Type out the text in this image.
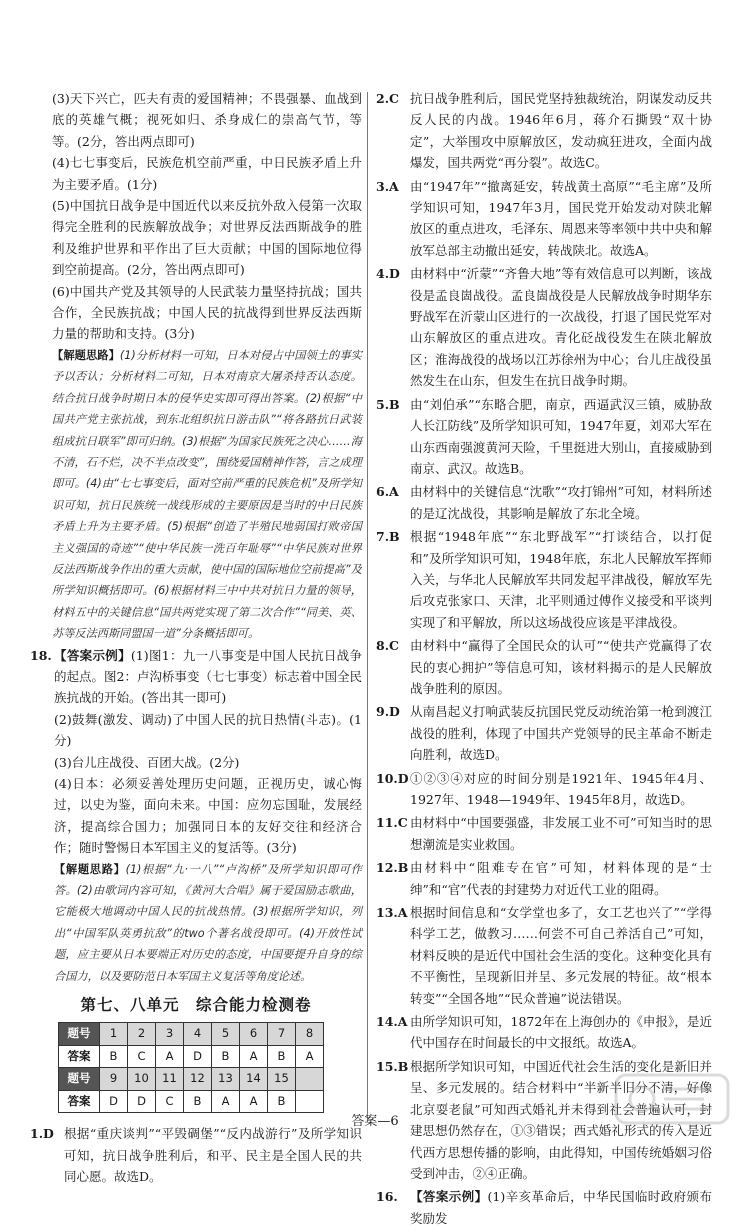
(3)天下兴亡，匹夫有责的爱国精神；不畏强暴、血战到底的英雄气概；视死如归、杀身成仁的崇高气节，等等。(2分，答出两点即可)

(4)七七事变后，民族危机空前严重，中日民族矛盾上升为主要矛盾。(1分)

(5)中国抗日战争是中国近代以来反抗外敌入侵第一次取得完全胜利的民族解放战争；对世界反法西斯战争的胜利及维护世界和平作出了巨大贡献；中国的国际地位得到空前提高。(2分，答出两点即可)

(6)中国共产党及其领导的人民武装力量坚持抗战；国共合作，全民族抗战；中国人民的抗战得到世界反法西斯力量的帮助和支持。(3分)

【解题思路】(1)分析材料一可知，日本对侵占中国领土的事实予以否认；分析材料二可知，日本对南京大屠杀持否认态度。结合抗日战争时期日本的侵华史实即可得出答案。(2)根据“中国共产党主张抗战，到东北组织抗日游击队”“将各路抗日武装组成抗日联军”即可归纳。(3)根据“为国家民族死之决心……海不清，石不烂，决不半点改变”，围绕爱国精神作答，言之成理即可。(4)由“七七事变后，面对空前严重的民族危机”及所学知识可知，抗日民族统一战线形成的主要原因是当时的中日民族矛盾上升为主要矛盾。(5)根据“创造了半殖民地弱国打败帝国主义强国的奇迹”“使中华民族一洗百年耻辱”“中华民族对世界反法西斯战争作出的重大贡献，使中国的国际地位空前提高”及所学知识概括即可。(6)根据材料三中中共对抗日力量的领导，材料五中的关键信息“国共两党实现了第二次合作”“同美、英、苏等反法西斯同盟国一道”分条概括即可。

18. 【答案示例】(1)图1：九一八事变是中国人民抗日战争的起点。图2：卢沟桥事变（七七事变）标志着中国全民族抗战的开始。(答出其一即可)

(2)鼓舞(激发、调动)了中国人民的抗日热情(斗志)。(1分)

(3)台儿庄战役、百团大战。(2分)

(4)日本：必须妥善处理历史问题，正视历史，诚心悔过，以史为鉴，面向未来。中国：应勿忘国耻，发展经济，提高综合国力；加强同日本的友好交往和经济合作；随时警惕日本军国主义的复活等。(3分)

【解题思路】(1)根据“九·一八”“卢沟桥”及所学知识即可作答。(2)由歌词内容可知，《黄河大合唱》属于爱国励志歌曲，它能极大地调动中国人民的抗战热情。(3)根据所学知识，列出“中国军队英勇抗敌”的two个著名战役即可。(4)开放性试题，应主要从日本要端正对历史的态度，中国要提升自身的综合国力，以及要防范日本军国主义复活等角度论述。

第七、八单元　综合能力检测卷
题号	1	2	3	4	5	6	7	8
答案	B	C	A	D	B	A	B	A
题号	9	10	11	12	13	14	15	
答案	D	D	C	B	A	A	B	
1.D 根据“重庆谈判”“平毁碉堡”“反内战游行”及所学知识可知，抗日战争胜利后，和平、民主是全国人民的共同心愿。故选D。
2.C 抗日战争胜利后，国民党坚持独裁统治，阴谋发动反共反人民的内战。1946年6月，蒋介石撕毁“双十协定”，大举围攻中原解放区，发动疯狂进攻，全面内战爆发，国共两党“再分裂”。故选C。
3.A 由“1947年”“撤离延安，转战黄土高原”“毛主席”及所学知识可知，1947年3月，国民党开始发动对陕北解放区的重点进攻，毛泽东、周恩来等率领中共中央和解放军总部主动撤出延安，转战陕北。故选A。
4.D 由材料中“沂蒙”“齐鲁大地”等有效信息可以判断，该战役是孟良崮战役。孟良崮战役是人民解放战争时期华东野战军在沂蒙山区进行的一次战役，打退了国民党军对山东解放区的重点进攻。青化砭战役发生在陕北解放区；淮海战役的战场以江苏徐州为中心；台儿庄战役虽然发生在山东，但发生在抗日战争时期。
5.B 由“刘伯承”“东略合肥，南京，西逼武汉三镇，威胁敌人长江防线”及所学知识可知，1947年夏，刘邓大军在山东西南强渡黄河天险，千里挺进大别山，直接威胁到南京、武汉。故选B。
6.A 由材料中的关键信息“沈歌”“攻打锦州”可知，材料所述的是辽沈战役，其影响是解放了东北全境。
7.B 根据“1948年底”“东北野战军”“打谈结合，以打促和”及所学知识可知，1948年底，东北人民解放军挥师入关，与华北人民解放军共同发起平津战役，解放军先后攻克张家口、天津，北平则通过傅作义接受和平谈判实现了和平解放，所以这场战役应该是平津战役。
8.C 由材料中“赢得了全国民众的认可”“使共产党赢得了农民的衷心拥护”等信息可知，该材料揭示的是人民解放战争胜利的原因。
9.D 从南昌起义打响武装反抗国民党反动统治第一枪到渡江战役的胜利，体现了中国共产党领导的民主革命不断走向胜利，故选D。
10.D ①②③④对应的时间分别是1921年、1945年4月、1927年、1948—1949年、1945年8月，故选D。
11.C 由材料中“中国要强盛，非发展工业不可”可知当时的思想潮流是实业救国。
12.B 由材料中“阻难专在官”可知，材料体现的是“士绅”和“官”代表的封建势力对近代工业的阻碍。
13.A 根据时间信息和“女学堂也多了，女工艺也兴了”“学得科学工艺，做教习……何尝不可自己养活自己”可知，材料反映的是近代中国社会生活的变化。这种变化具有不平衡性，呈现新旧并呈、多元发展的特征。故“根本转变”“全国各地”“民众普遍”说法错误。
14.A 由所学知识可知，1872年在上海创办的《申报》，是近代中国存在时间最长的中文报纸。故选A。
15.B 根据所学知识可知，中国近代社会生活的变化是新旧并呈、多元发展的。结合材料中“半新半旧分不清，好像北京耍老鼠”可知西式婚礼并未得到社会普遍认可，封建思想仍然存在，①③错误；西式婚礼形式的传入是近代西方思想传播的影响，由此得知，中国传统婚姻习俗受到冲击，②④正确。
16. 【答案示例】(1)辛亥革命后，中华民国临时政府颁布奖励发
答案—6
